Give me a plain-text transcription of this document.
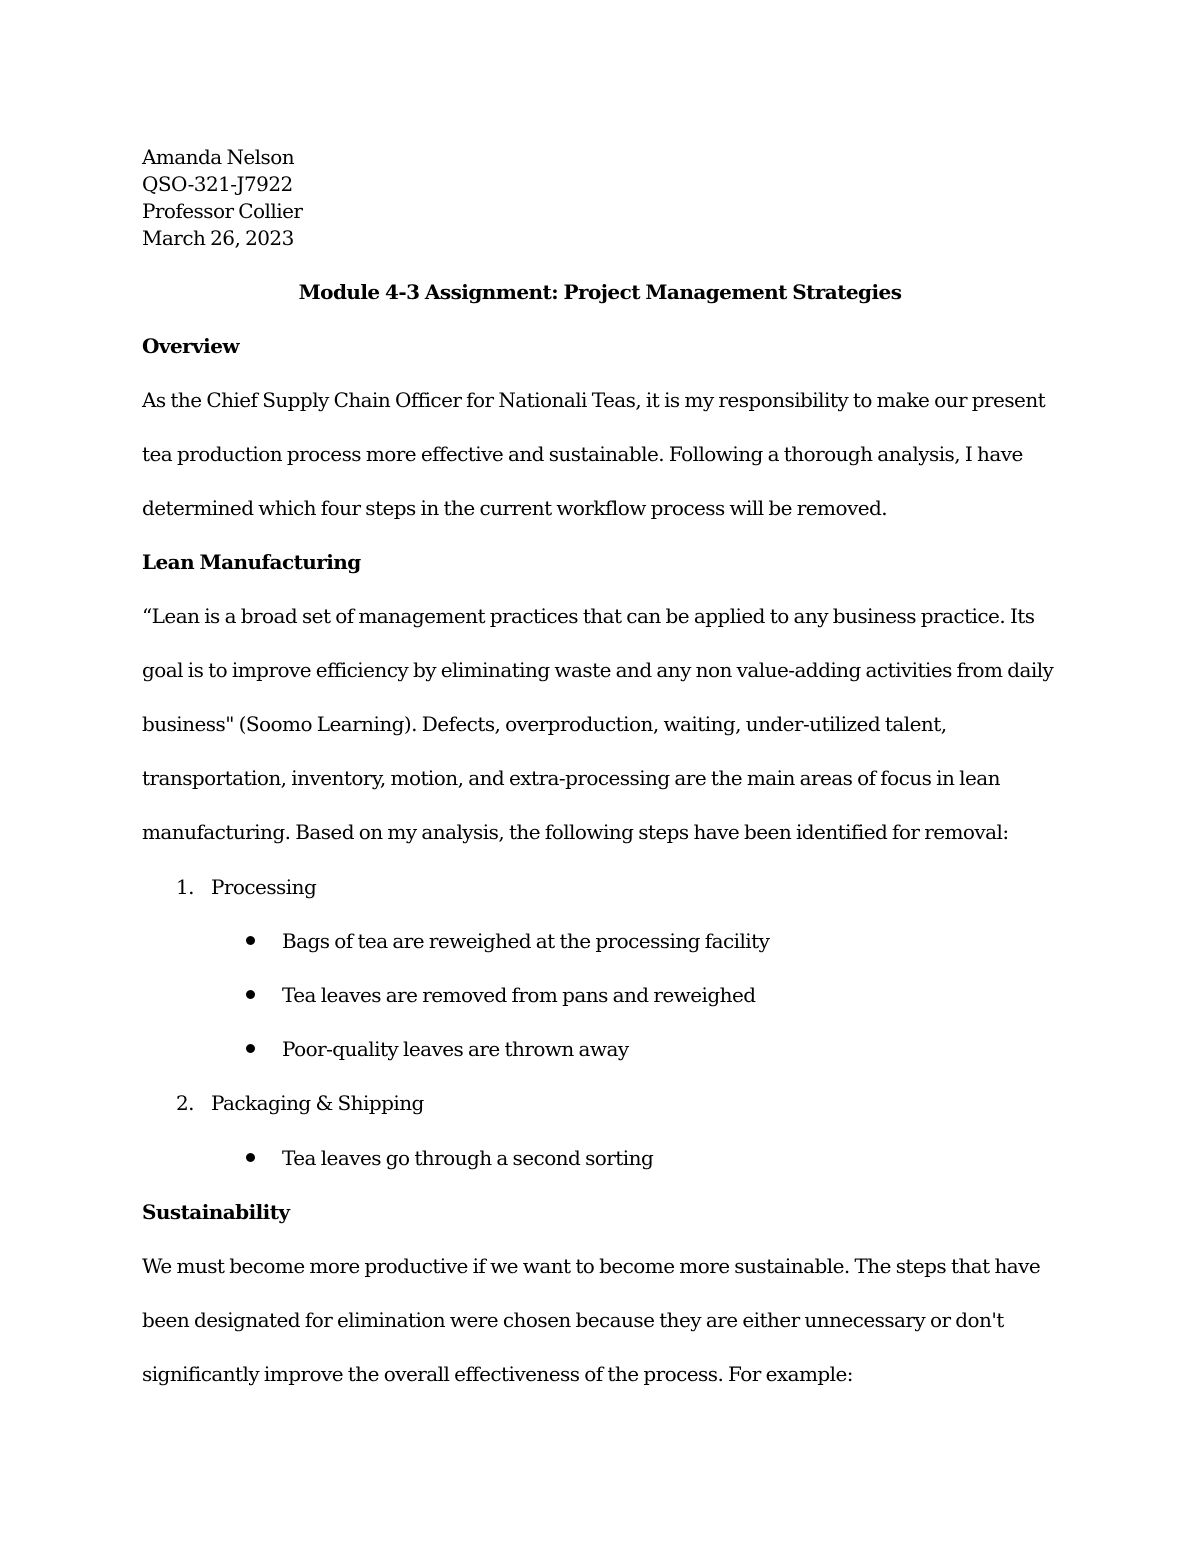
Amanda Nelson
QSO-321-J7922
Professor Collier
March 26, 2023
Module 4-3 Assignment: Project Management Strategies
Overview
As the Chief Supply Chain Officer for Nationali Teas, it is my responsibility to make our present
tea production process more effective and sustainable. Following a thorough analysis, I have
determined which four steps in the current workflow process will be removed.
Lean Manufacturing
“Lean is a broad set of management practices that can be applied to any business practice. Its
goal is to improve efficiency by eliminating waste and any non value-adding activities from daily
business" (Soomo Learning). Defects, overproduction, waiting, under-utilized talent,
transportation, inventory, motion, and extra-processing are the main areas of focus in lean
manufacturing. Based on my analysis, the following steps have been identified for removal:
1. Processing
Bags of tea are reweighed at the processing facility
Tea leaves are removed from pans and reweighed
Poor-quality leaves are thrown away
2. Packaging & Shipping
Tea leaves go through a second sorting
Sustainability
We must become more productive if we want to become more sustainable. The steps that have
been designated for elimination were chosen because they are either unnecessary or don't
significantly improve the overall effectiveness of the process. For example:
